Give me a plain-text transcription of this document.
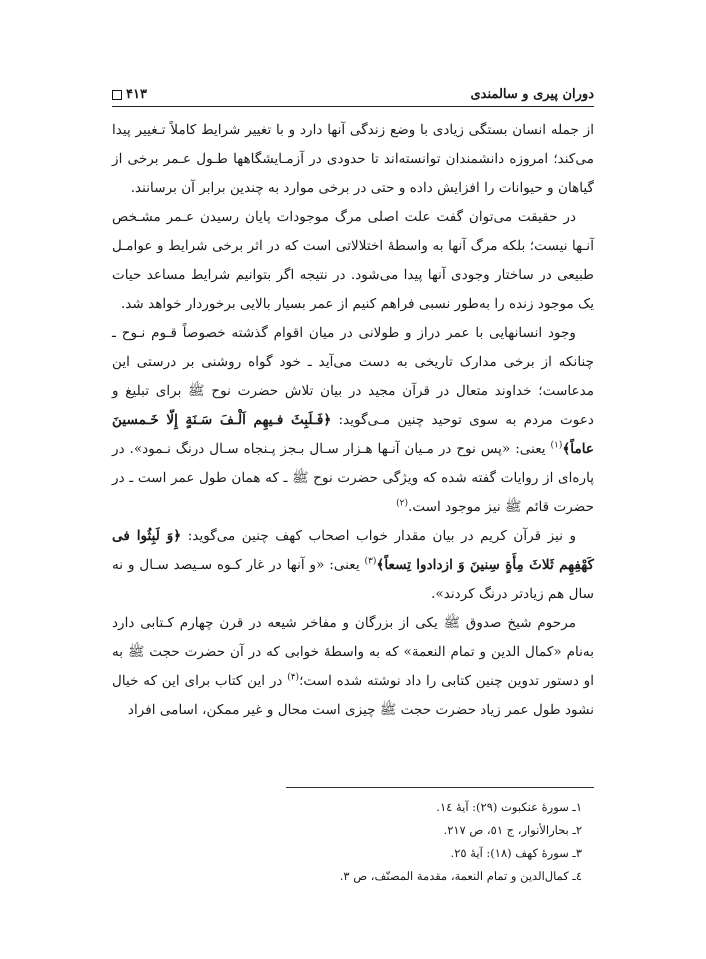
دوران پیری و سالمندی
۴۱۳

از جمله انسان بستگی زیادی با وضع زندگی آنها دارد و با تغییر شرایط کاملاً تـغییر پیدا می‌کند؛ امروزه دانشمندان توانسته‌اند تا حدودی در آزمـایشگاهها طـول عـمر برخی از گیاهان و حیوانات را افزایش داده و حتی در برخی موارد به چندین برابر آن برسانند.

در حقیقت می‌توان گفت علت اصلی مرگ موجودات پایان رسیدن عـمر مشـخص آنـها نیست؛ بلکه مرگ آنها به واسطهٔ اختلالاتی است که در اثر برخی شرایط و عوامـل طبیعی در ساختار وجودی آنها پیدا می‌شود. در نتیجه اگر بتوانیم شرایط مساعد حیات یک موجود زنده را به‌طور نسبی فراهم کنیم از عمر بسیار بالایی برخوردار خواهد شد.

وجود انسانهایی با عمر دراز و طولانی در میان اقوام گذشته خصوصاً قـوم نـوح ـ چنانکه از برخی مدارک تاریخی به دست می‌آید ـ خود گواه روشنی بر درستی این مدعاست؛ خداوند متعال در قرآن مجید در بیان تلاش حضرت نوح ﷺ برای تبلیغ و دعوت مردم به سوی توحید چنین مـی‌گوید: ﴿فَـلَبِثَ فـیهِم اَلْـفَ سَـنَةٍ إِلّا خَـمسینَ عاماً﴾$^{(۱)}$ یعنی: «پس نوح در مـیان آنـها هـزار سـال بـجز پـنجاه سـال درنگ نـمود». در پاره‌ای از روایات گفته شده که ویژگی حضرت نوح ﷺ ـ که همان طول عمر است ـ در حضرت قائم ﷺ نیز موجود است.$^{(۲)}$

و نیز قرآن کریم در بیان مقدار خواب اصحاب کهف چنین می‌گوید: ﴿وَ لَبِثُوا فی کَهْفِهِم ثَلاثَ مِأَةٍ سِنینَ وَ ازدادوا تِسعاً﴾$^{(۳)}$ یعنی: «و آنها در غار کـوه سـیصد سـال و نه سال هم زیادتر درنگ کردند».

مرحوم شیخ صدوق ﷺ یکی از بزرگان و مفاخر شیعه در قرن چهارم کـتابی دارد به‌نام «کمال الدین و تمام النعمة» که به واسطهٔ خوابی که در آن حضرت حجت ﷺ به او دستور تدوین چنین کتابی را داد نوشته شده است؛$^{(۴)}$ در این کتاب برای این که خیال نشود طول عمر زیاد حضرت حجت ﷺ چیزی است محال و غیر ممکن، اسامی افراد

۱ـ سورهٔ عنکبوت (۲۹): آیهٔ ١٤.
۲ـ بحارالأنوار، ج ٥١، ص ٢١٧.
۳ـ سورهٔ کهف (۱۸): آیهٔ ٢٥.
٤ـ کمال‌الدین و تمام النعمة، مقدمة المصنّف، ص ٣.
